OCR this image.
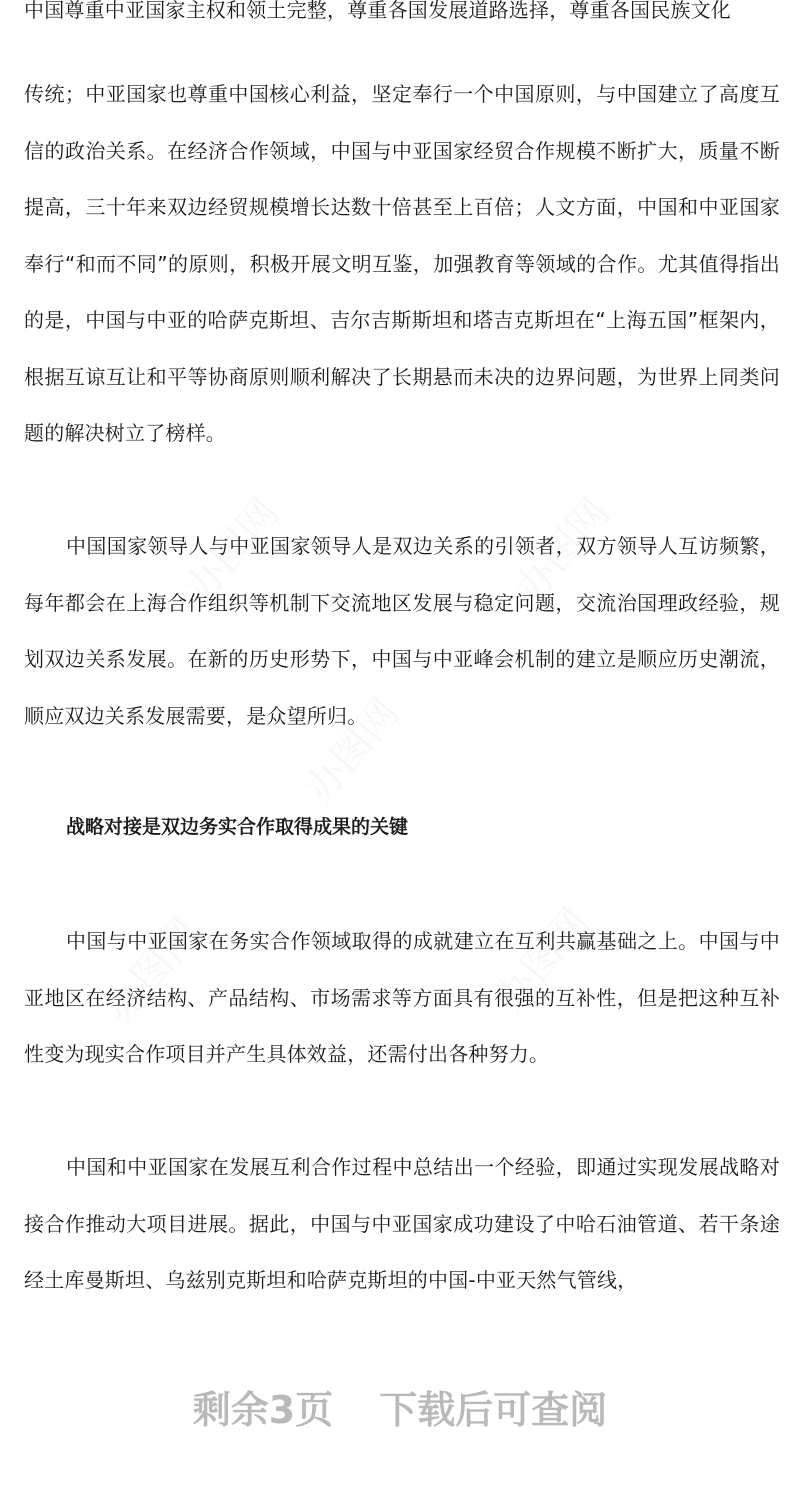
中国尊重中亚国家主权和领土完整，尊重各国发展道路选择，尊重各国民族文化

传统；中亚国家也尊重中国核心利益，坚定奉行一个中国原则，与中国建立了高度互信的政治关系。在经济合作领域，中国与中亚国家经贸合作规模不断扩大，质量不断提高，三十年来双边经贸规模增长达数十倍甚至上百倍；人文方面，中国和中亚国家奉行“和而不同”的原则，积极开展文明互鉴，加强教育等领域的合作。尤其值得指出的是，中国与中亚的哈萨克斯坦、吉尔吉斯斯坦和塔吉克斯坦在“上海五国”框架内，根据互谅互让和平等协商原则顺利解决了长期悬而未决的边界问题，为世界上同类问题的解决树立了榜样。

中国国家领导人与中亚国家领导人是双边关系的引领者，双方领导人互访频繁，每年都会在上海合作组织等机制下交流地区发展与稳定问题，交流治国理政经验，规划双边关系发展。在新的历史形势下，中国与中亚峰会机制的建立是顺应历史潮流，顺应双边关系发展需要，是众望所归。

战略对接是双边务实合作取得成果的关键

中国与中亚国家在务实合作领域取得的成就建立在互利共赢基础之上。中国与中亚地区在经济结构、产品结构、市场需求等方面具有很强的互补性，但是把这种互补性变为现实合作项目并产生具体效益，还需付出各种努力。

中国和中亚国家在发展互利合作过程中总结出一个经验，即通过实现发展战略对接合作推动大项目进展。据此，中国与中亚国家成功建设了中哈石油管道、若干条途经土库曼斯坦、乌兹别克斯坦和哈萨克斯坦的中国-中亚天然气管线，

剩余3页 下载后可查阅
